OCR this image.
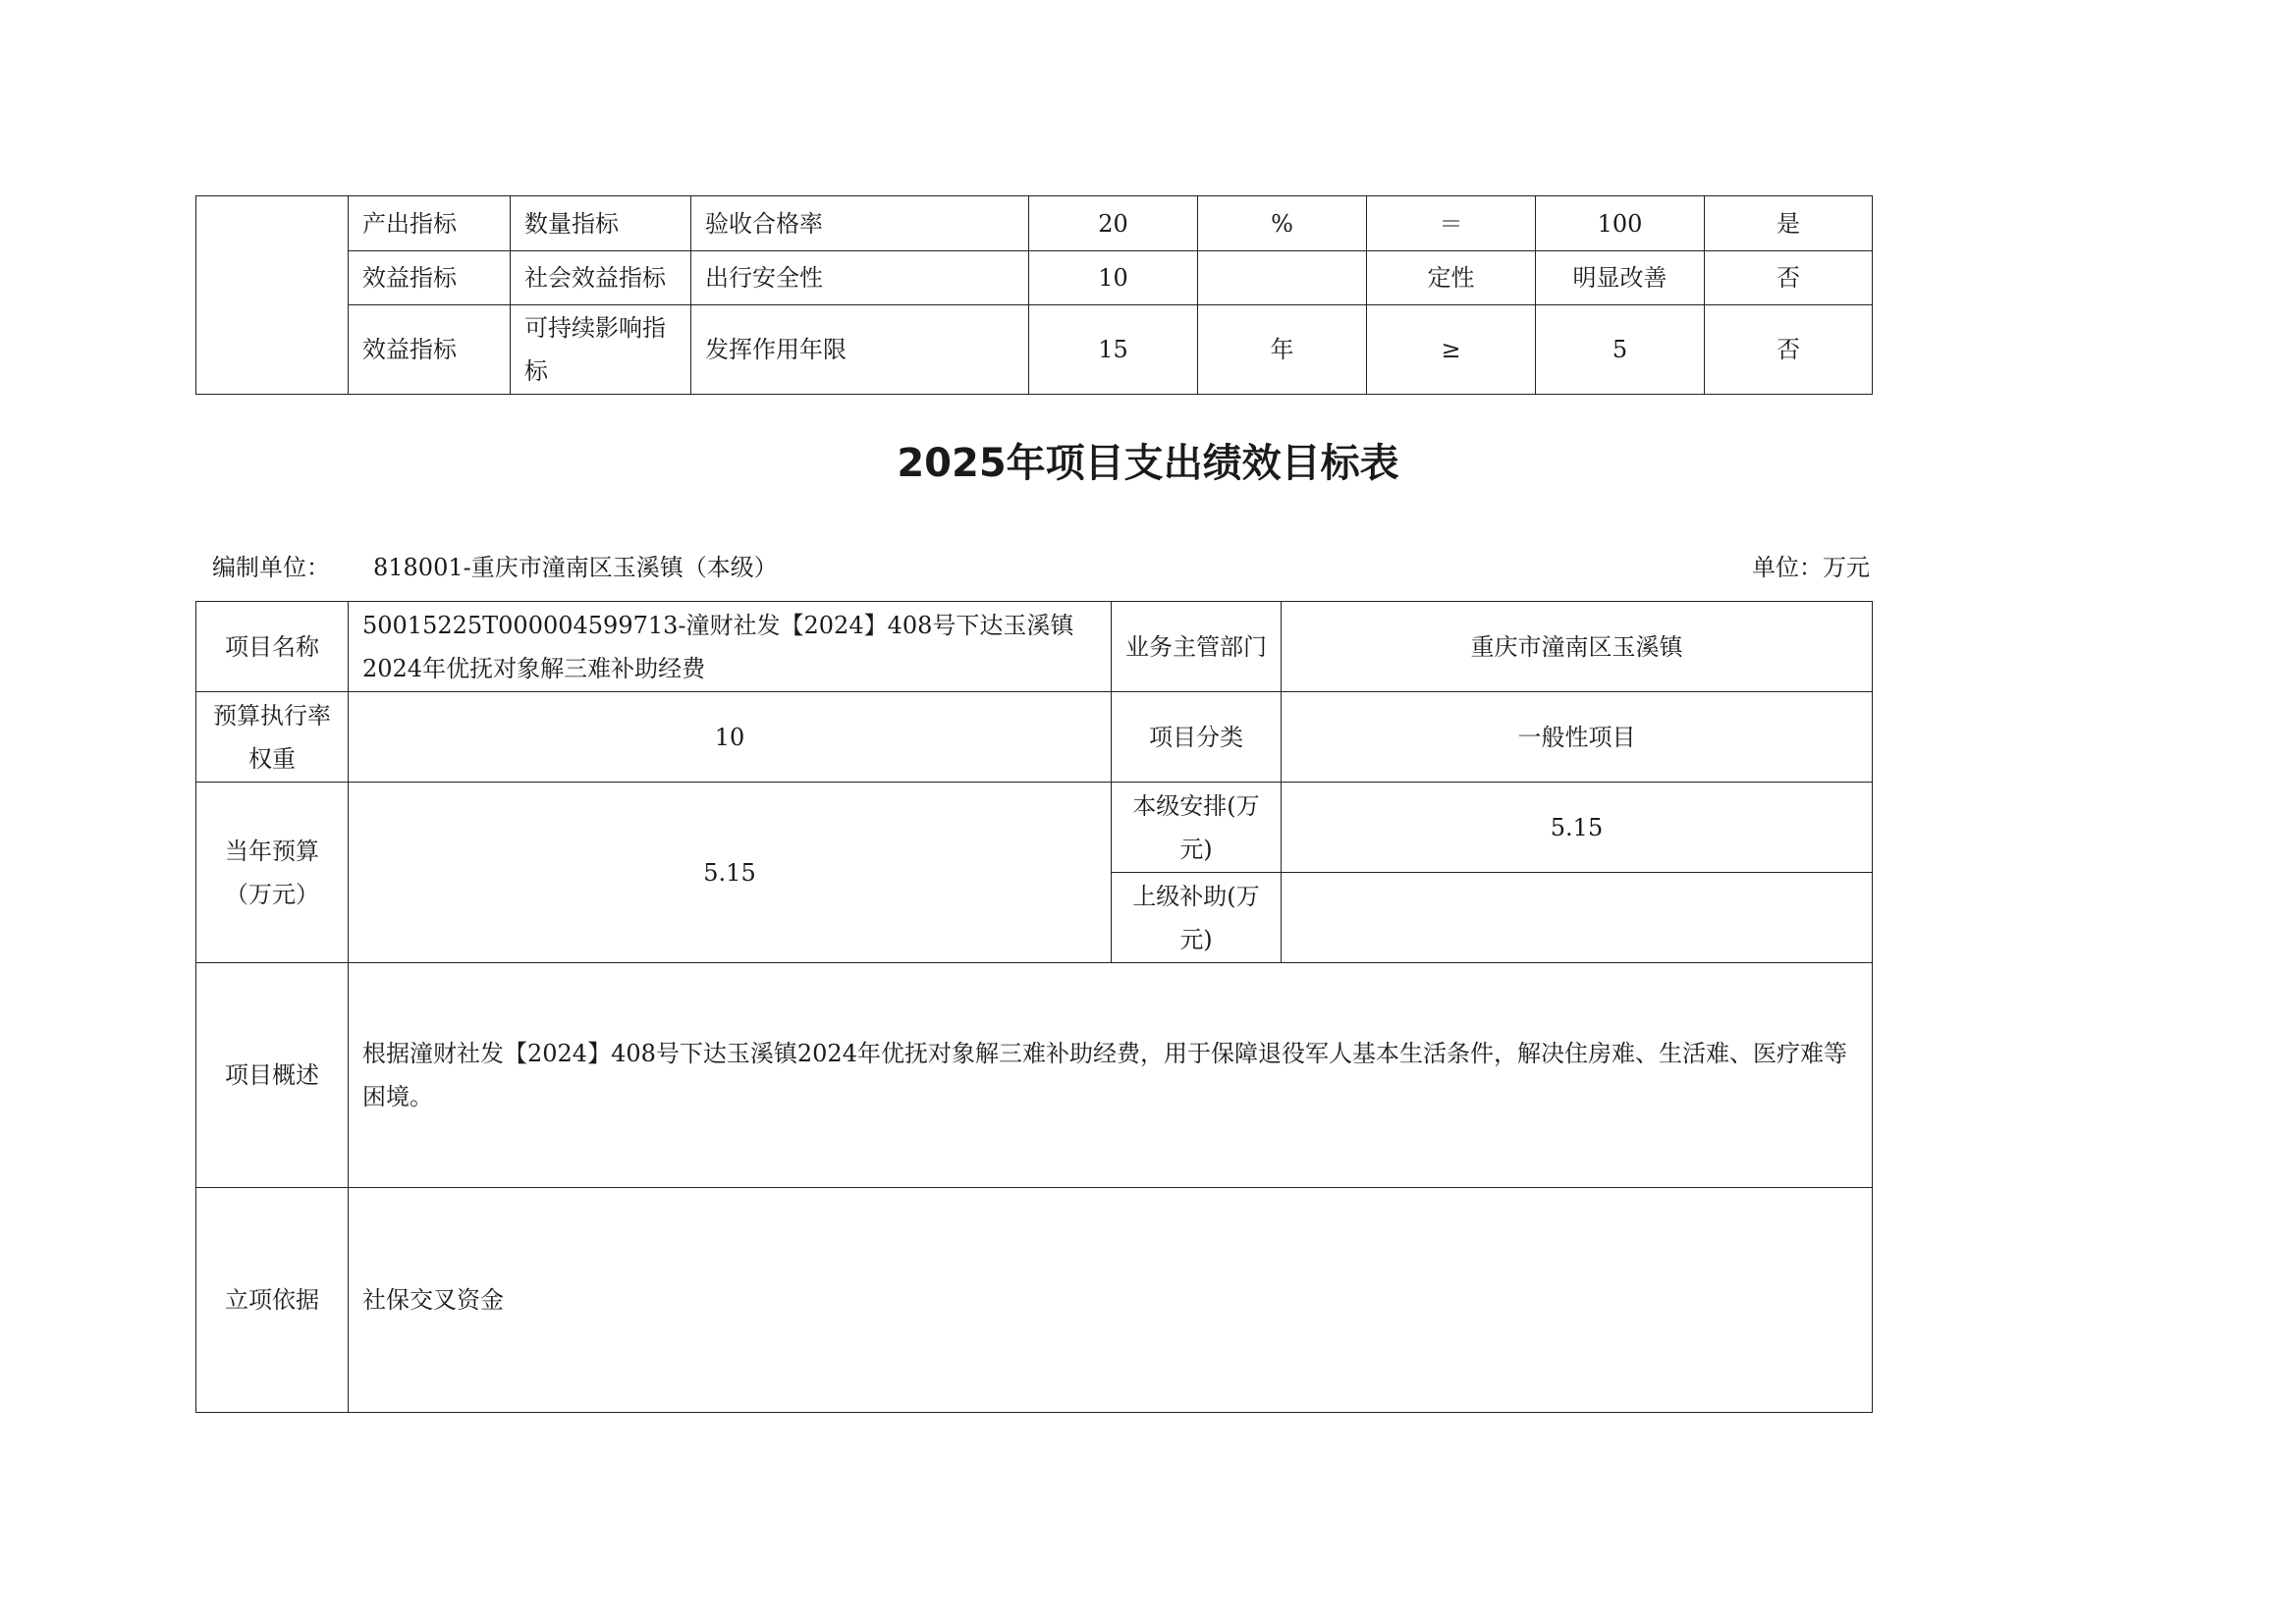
	产出指标	数量指标	验收合格率	20	%	＝	100	是
	效益指标	社会效益指标	出行安全性	10		定性	明显改善	否
	效益指标	可持续影响指标	发挥作用年限	15	年	≥	5	否
2025年项目支出绩效目标表
编制单位： 818001-重庆市潼南区玉溪镇（本级）	单位：万元
项目名称	50015225T000004599713-潼财社发【2024】408号下达玉溪镇2024年优抚对象解三难补助经费	业务主管部门	重庆市潼南区玉溪镇
预算执行率权重	10	项目分类	一般性项目
当年预算（万元）	5.15	本级安排(万元)	5.15
		上级补助(万元)	
项目概述	根据潼财社发【2024】408号下达玉溪镇2024年优抚对象解三难补助经费，用于保障退役军人基本生活条件，解决住房难、生活难、医疗难等困境。		
立项依据	社保交叉资金		
